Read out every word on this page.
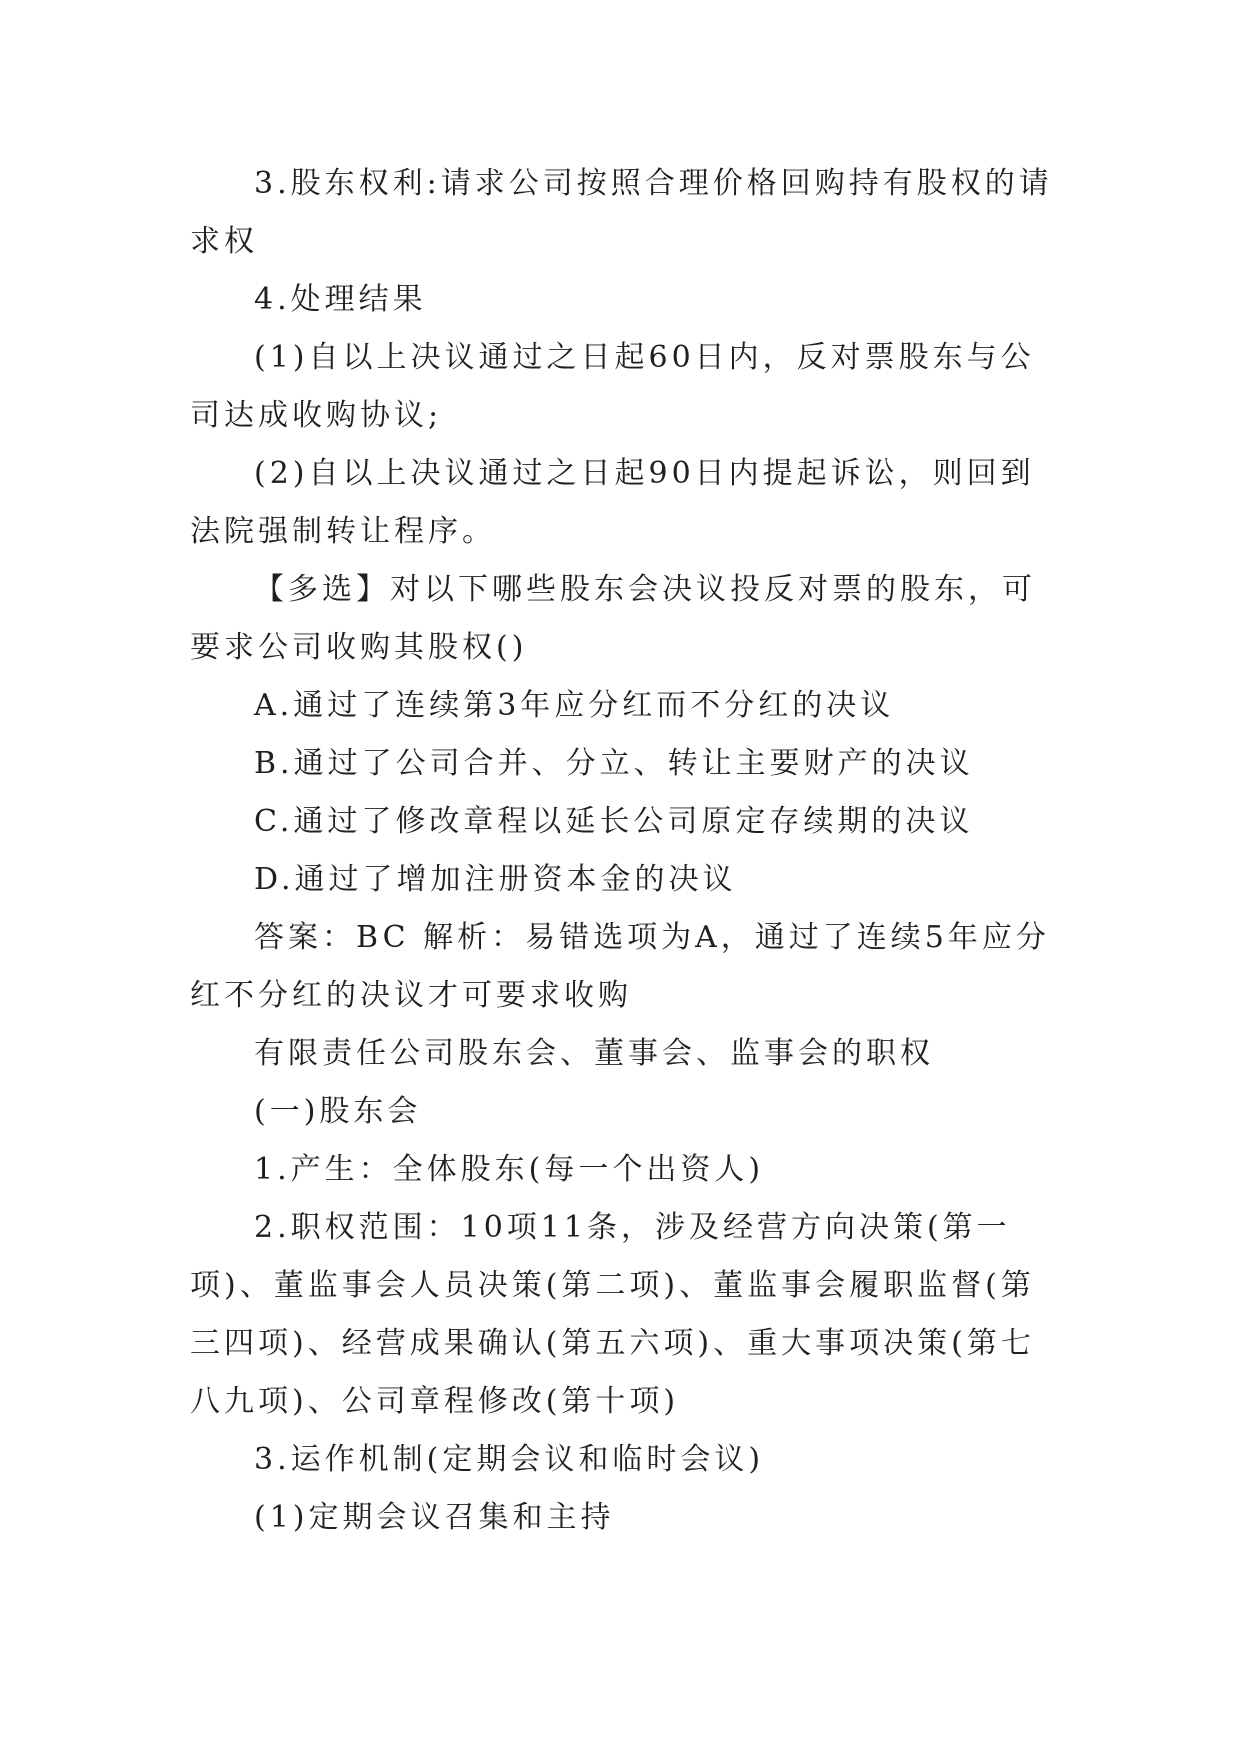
3.股东权利:请求公司按照合理价格回购持有股权的请求权

4.处理结果

(1)自以上决议通过之日起60日内，反对票股东与公司达成收购协议;

(2)自以上决议通过之日起90日内提起诉讼，则回到法院强制转让程序。

【多选】对以下哪些股东会决议投反对票的股东，可要求公司收购其股权()

A.通过了连续第3年应分红而不分红的决议

B.通过了公司合并、分立、转让主要财产的决议

C.通过了修改章程以延长公司原定存续期的决议

D.通过了增加注册资本金的决议

答案：BC 解析：易错选项为A，通过了连续5年应分红不分红的决议才可要求收购

有限责任公司股东会、董事会、监事会的职权

(一)股东会

1.产生：全体股东(每一个出资人)

2.职权范围：10项11条，涉及经营方向决策(第一项)、董监事会人员决策(第二项)、董监事会履职监督(第三四项)、经营成果确认(第五六项)、重大事项决策(第七八九项)、公司章程修改(第十项)

3.运作机制(定期会议和临时会议)

(1)定期会议召集和主持
